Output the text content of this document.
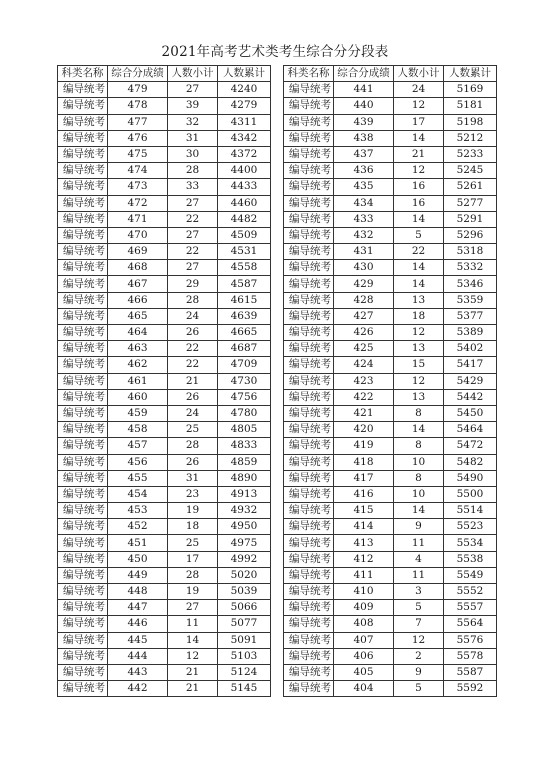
2021年高考艺术类考生综合分分段表
科类名称	综合分成绩	人数小计	人数累计
编导统考	479	27	4240
编导统考	478	39	4279
编导统考	477	32	4311
编导统考	476	31	4342
编导统考	475	30	4372
编导统考	474	28	4400
编导统考	473	33	4433
编导统考	472	27	4460
编导统考	471	22	4482
编导统考	470	27	4509
编导统考	469	22	4531
编导统考	468	27	4558
编导统考	467	29	4587
编导统考	466	28	4615
编导统考	465	24	4639
编导统考	464	26	4665
编导统考	463	22	4687
编导统考	462	22	4709
编导统考	461	21	4730
编导统考	460	26	4756
编导统考	459	24	4780
编导统考	458	25	4805
编导统考	457	28	4833
编导统考	456	26	4859
编导统考	455	31	4890
编导统考	454	23	4913
编导统考	453	19	4932
编导统考	452	18	4950
编导统考	451	25	4975
编导统考	450	17	4992
编导统考	449	28	5020
编导统考	448	19	5039
编导统考	447	27	5066
编导统考	446	11	5077
编导统考	445	14	5091
编导统考	444	12	5103
编导统考	443	21	5124
编导统考	442	21	5145
科类名称	综合分成绩	人数小计	人数累计
编导统考	441	24	5169
编导统考	440	12	5181
编导统考	439	17	5198
编导统考	438	14	5212
编导统考	437	21	5233
编导统考	436	12	5245
编导统考	435	16	5261
编导统考	434	16	5277
编导统考	433	14	5291
编导统考	432	5	5296
编导统考	431	22	5318
编导统考	430	14	5332
编导统考	429	14	5346
编导统考	428	13	5359
编导统考	427	18	5377
编导统考	426	12	5389
编导统考	425	13	5402
编导统考	424	15	5417
编导统考	423	12	5429
编导统考	422	13	5442
编导统考	421	8	5450
编导统考	420	14	5464
编导统考	419	8	5472
编导统考	418	10	5482
编导统考	417	8	5490
编导统考	416	10	5500
编导统考	415	14	5514
编导统考	414	9	5523
编导统考	413	11	5534
编导统考	412	4	5538
编导统考	411	11	5549
编导统考	410	3	5552
编导统考	409	5	5557
编导统考	408	7	5564
编导统考	407	12	5576
编导统考	406	2	5578
编导统考	405	9	5587
编导统考	404	5	5592
